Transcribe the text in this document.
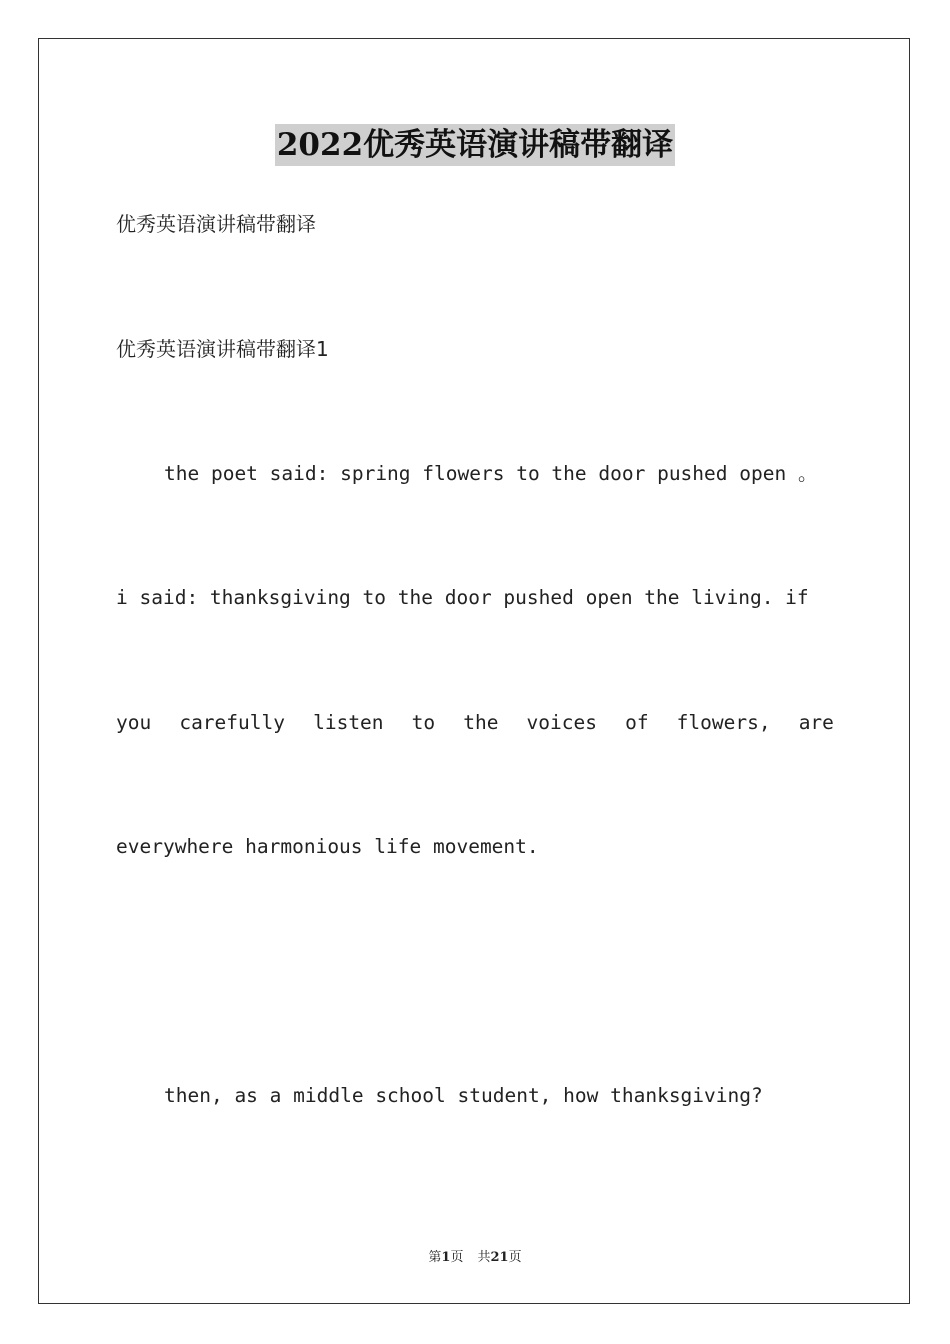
2022优秀英语演讲稿带翻译

优秀英语演讲稿带翻译

优秀英语演讲稿带翻译1

the poet said: spring flowers to the door pushed open 。

i said: thanksgiving to the door pushed open the living. if

you carefully listen to the voices of flowers, are

everywhere harmonious life movement.

then, as a middle school student, how thanksgiving?

第1页 共21页
